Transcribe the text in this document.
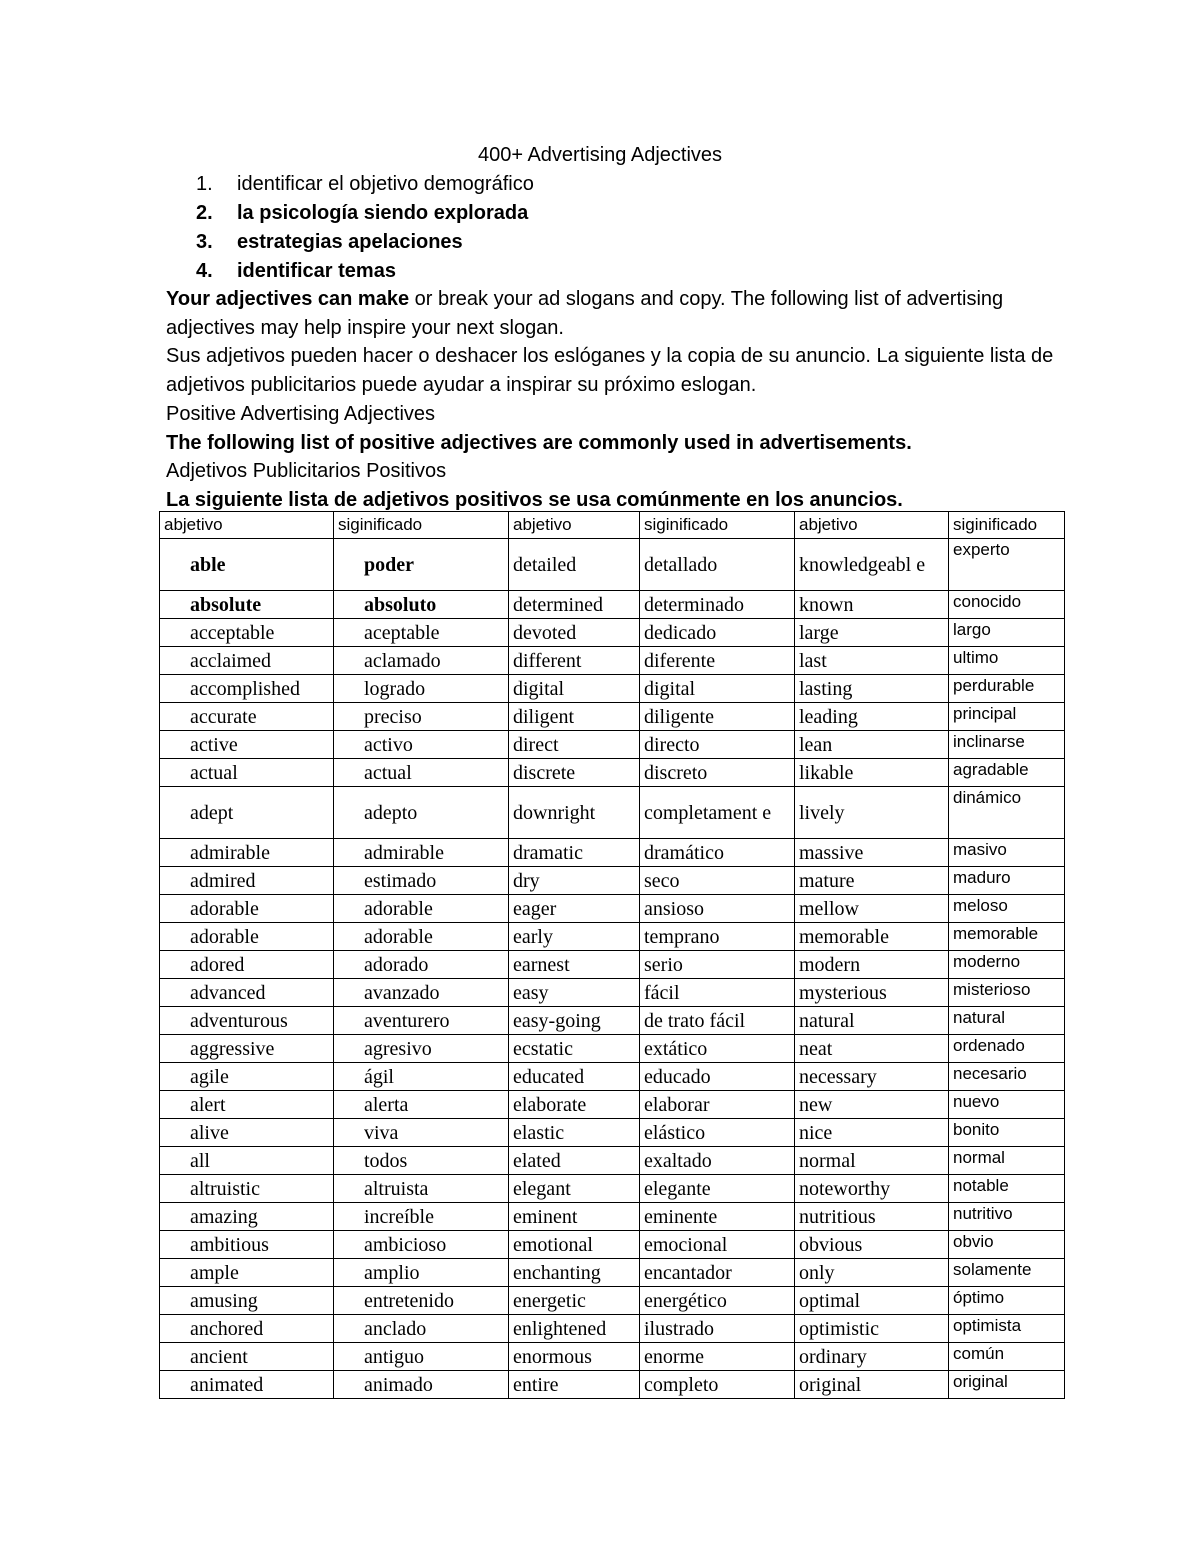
400+ Advertising Adjectives
1. identificar el objetivo demográfico
2. la psicología siendo explorada
3. estrategias apelaciones
4. identificar temas

Your adjectives can make or break your ad slogans and copy. The following list of advertising adjectives may help inspire your next slogan.

Sus adjetivos pueden hacer o deshacer los eslóganes y la copia de su anuncio. La siguiente lista de adjetivos publicitarios puede ayudar a inspirar su próximo eslogan.

Positive Advertising Adjectives

The following list of positive adjectives are commonly used in advertisements.

Adjetivos Publicitarios Positivos

La siguiente lista de adjetivos positivos se usa comúnmente en los anuncios.

abjetivo	siginificado	abjetivo	siginificado	abjetivo	siginificado
able	poder	detailed	detallado	knowledgeabl e	experto
absolute	absoluto	determined	determinado	known	conocido
acceptable	aceptable	devoted	dedicado	large	largo
acclaimed	aclamado	different	diferente	last	ultimo
accomplished	logrado	digital	digital	lasting	perdurable
accurate	preciso	diligent	diligente	leading	principal
active	activo	direct	directo	lean	inclinarse
actual	actual	discrete	discreto	likable	agradable
adept	adepto	downright	completament e	lively	dinámico
admirable	admirable	dramatic	dramático	massive	masivo
admired	estimado	dry	seco	mature	maduro
adorable	adorable	eager	ansioso	mellow	meloso
adorable	adorable	early	temprano	memorable	memorable
adored	adorado	earnest	serio	modern	moderno
advanced	avanzado	easy	fácil	mysterious	misterioso
adventurous	aventurero	easy-going	de trato fácil	natural	natural
aggressive	agresivo	ecstatic	extático	neat	ordenado
agile	ágil	educated	educado	necessary	necesario
alert	alerta	elaborate	elaborar	new	nuevo
alive	viva	elastic	elástico	nice	bonito
all	todos	elated	exaltado	normal	normal
altruistic	altruista	elegant	elegante	noteworthy	notable
amazing	increíble	eminent	eminente	nutritious	nutritivo
ambitious	ambicioso	emotional	emocional	obvious	obvio
ample	amplio	enchanting	encantador	only	solamente
amusing	entretenido	energetic	energético	optimal	óptimo
anchored	anclado	enlightened	ilustrado	optimistic	optimista
ancient	antiguo	enormous	enorme	ordinary	común
animated	animado	entire	completo	original	original
